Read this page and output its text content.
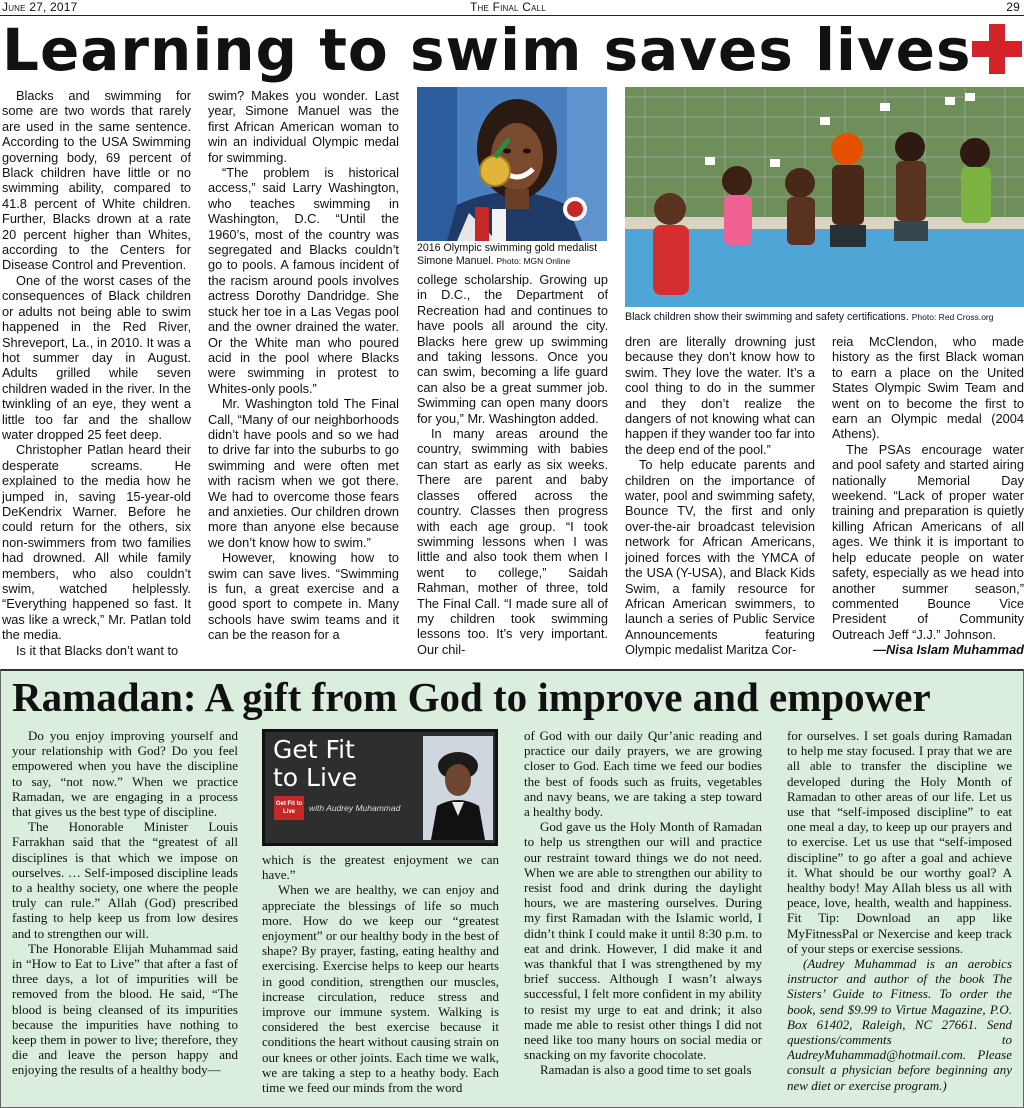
June 27, 2017	The Final Call	29
Learning to swim saves lives

Blacks and swimming for some are two words that rarely are used in the same sentence. According to the USA Swimming governing body, 69 percent of Black children have little or no swimming ability, compared to 41.8 percent of White children. Further, Blacks drown at a rate 20 percent higher than Whites, according to the Centers for Disease Control and Prevention.

One of the worst cases of the consequences of Black children or adults not being able to swim happened in the Red River, Shreveport, La., in 2010. It was a hot summer day in August. Adults grilled while seven children waded in the river. In the twinkling of an eye, they went a little too far and the shallow water dropped 25 feet deep.

Christopher Patlan heard their desperate screams. He explained to the media how he jumped in, saving 15-year-old DeKendrix Warner. Before he could return for the others, six non-swimmers from two families had drowned. All while family members, who also couldn’t swim, watched helplessly. “Everything happened so fast. It was like a wreck,” Mr. Patlan told the media.

Is it that Blacks don’t want to

swim? Makes you wonder. Last year, Simone Manuel was the first African American woman to win an individual Olympic medal for swimming.

“The problem is historical access,” said Larry Washington, who teaches swimming in Washington, D.C. “Until the 1960’s, most of the country was segregated and Blacks couldn’t go to pools. A famous incident of the racism around pools involves actress Dorothy Dandridge. She stuck her toe in a Las Vegas pool and the owner drained the water. Or the White man who poured acid in the pool where Blacks were swimming in protest to Whites-only pools.”

Mr. Washington told The Final Call, “Many of our neighborhoods didn’t have pools and so we had to drive far into the suburbs to go swimming and were often met with racism when we got there. We had to overcome those fears and anxieties. Our children drown more than anyone else because we don’t know how to swim.”

However, knowing how to swim can save lives. “Swimming is fun, a great exercise and a good sport to compete in. Many schools have swim teams and it can be the reason for a

2016 Olympic swimming gold medalist Simone Manuel. Photo: MGN Online

college scholarship. Growing up in D.C., the Department of Recreation had and continues to have pools all around the city. Blacks here grew up swimming and taking lessons. Once you can swim, becoming a life guard can also be a great summer job. Swimming can open many doors for you,” Mr. Washington added.

In many areas around the country, swimming with babies can start as early as six weeks. There are parent and baby classes offered across the country. Classes then progress with each age group. “I took swimming lessons when I was little and also took them when I went to college,” Saidah Rahman, mother of three, told The Final Call. “I made sure all of my children took swimming lessons too. It’s very important. Our chil-

Black children show their swimming and safety certifications. Photo: Red Cross.org

dren are literally drowning just because they don’t know how to swim. They love the water. It’s a cool thing to do in the summer and they don’t realize the dangers of not knowing what can happen if they wander too far into the deep end of the pool.”

To help educate parents and children on the importance of water, pool and swimming safety, Bounce TV, the first and only over-the-air broadcast television network for African Americans, joined forces with the YMCA of the USA (Y-USA), and Black Kids Swim, a family resource for African American swimmers, to launch a series of Public Service Announcements featuring Olympic medalist Maritza Cor-

reia McClendon, who made history as the first Black woman to earn a place on the United States Olympic Swim Team and went on to become the first to earn an Olympic medal (2004 Athens).

The PSAs encourage water and pool safety and started airing nationally Memorial Day weekend. “Lack of proper water training and preparation is quietly killing African Americans of all ages. We think it is important to help educate people on water safety, especially as we head into another summer season,” commented Bounce Vice President of Community Outreach Jeff “J.J.” Johnson.

—Nisa Islam Muhammad

Ramadan: A gift from God to improve and empower

Do you enjoy improving yourself and your relationship with God? Do you feel empowered when you have the discipline to say, “not now.” When we practice Ramadan, we are engaging in a process that gives us the best type of discipline.

The Honorable Minister Louis Farrakhan said that the “greatest of all disciplines is that which we impose on ourselves. … Self-imposed discipline leads to a healthy society, one where the people truly can rule.” Allah (God) prescribed fasting to help keep us from low desires and to strengthen our will.

The Honorable Elijah Muhammad said in “How to Eat to Live” that after a fast of three days, a lot of impurities will be removed from the blood. He said, “The blood is being cleansed of its impurities because the impurities have nothing to keep them in power to live; therefore, they die and leave the person happy and enjoying the results of a healthy body—

Get Fit
to Live
Get Fit to Live	with Audrey Muhammad

which is the greatest enjoyment we can have.”

When we are healthy, we can enjoy and appreciate the blessings of life so much more. How do we keep our “greatest enjoyment” or our healthy body in the best of shape? By prayer, fasting, eating healthy and exercising. Exercise helps to keep our hearts in good condition, strengthen our muscles, increase circulation, reduce stress and improve our immune system. Walking is considered the best exercise because it conditions the heart without causing strain on our knees or other joints. Each time we walk, we are taking a step to a heathy body. Each time we feed our minds from the word

of God with our daily Qur’anic reading and practice our daily prayers, we are growing closer to God. Each time we feed our bodies the best of foods such as fruits, vegetables and navy beans, we are taking a step toward a healthy body.

God gave us the Holy Month of Ramadan to help us strengthen our will and practice our restraint toward things we do not need. When we are able to strengthen our ability to resist food and drink during the daylight hours, we are mastering ourselves. During my first Ramadan with the Islamic world, I didn’t think I could make it until 8:30 p.m. to eat and drink. However, I did make it and was thankful that I was strengthened by my brief success. Although I wasn’t always successful, I felt more confident in my ability to resist my urge to eat and drink; it also made me able to resist other things I did not need like too many hours on social media or snacking on my favorite chocolate.

Ramadan is also a good time to set goals

for ourselves. I set goals during Ramadan to help me stay focused. I pray that we are all able to transfer the discipline we developed during the Holy Month of Ramadan to other areas of our life. Let us use that “self-imposed discipline” to eat one meal a day, to keep up our prayers and to exercise. Let us use that “self-imposed discipline” to go after a goal and achieve it. What should be our worthy goal? A healthy body! May Allah bless us all with peace, love, health, wealth and happiness. Fit Tip: Download an app like MyFitnessPal or Nexercise and keep track of your steps or exercise sessions.

(Audrey Muhammad is an aerobics instructor and author of the book The Sisters’ Guide to Fitness. To order the book, send $9.99 to Virtue Magazine, P.O. Box 61402, Raleigh, NC 27661. Send questions/comments to AudreyMuhammad@hotmail.com. Please consult a physician before beginning any new diet or exercise program.)
